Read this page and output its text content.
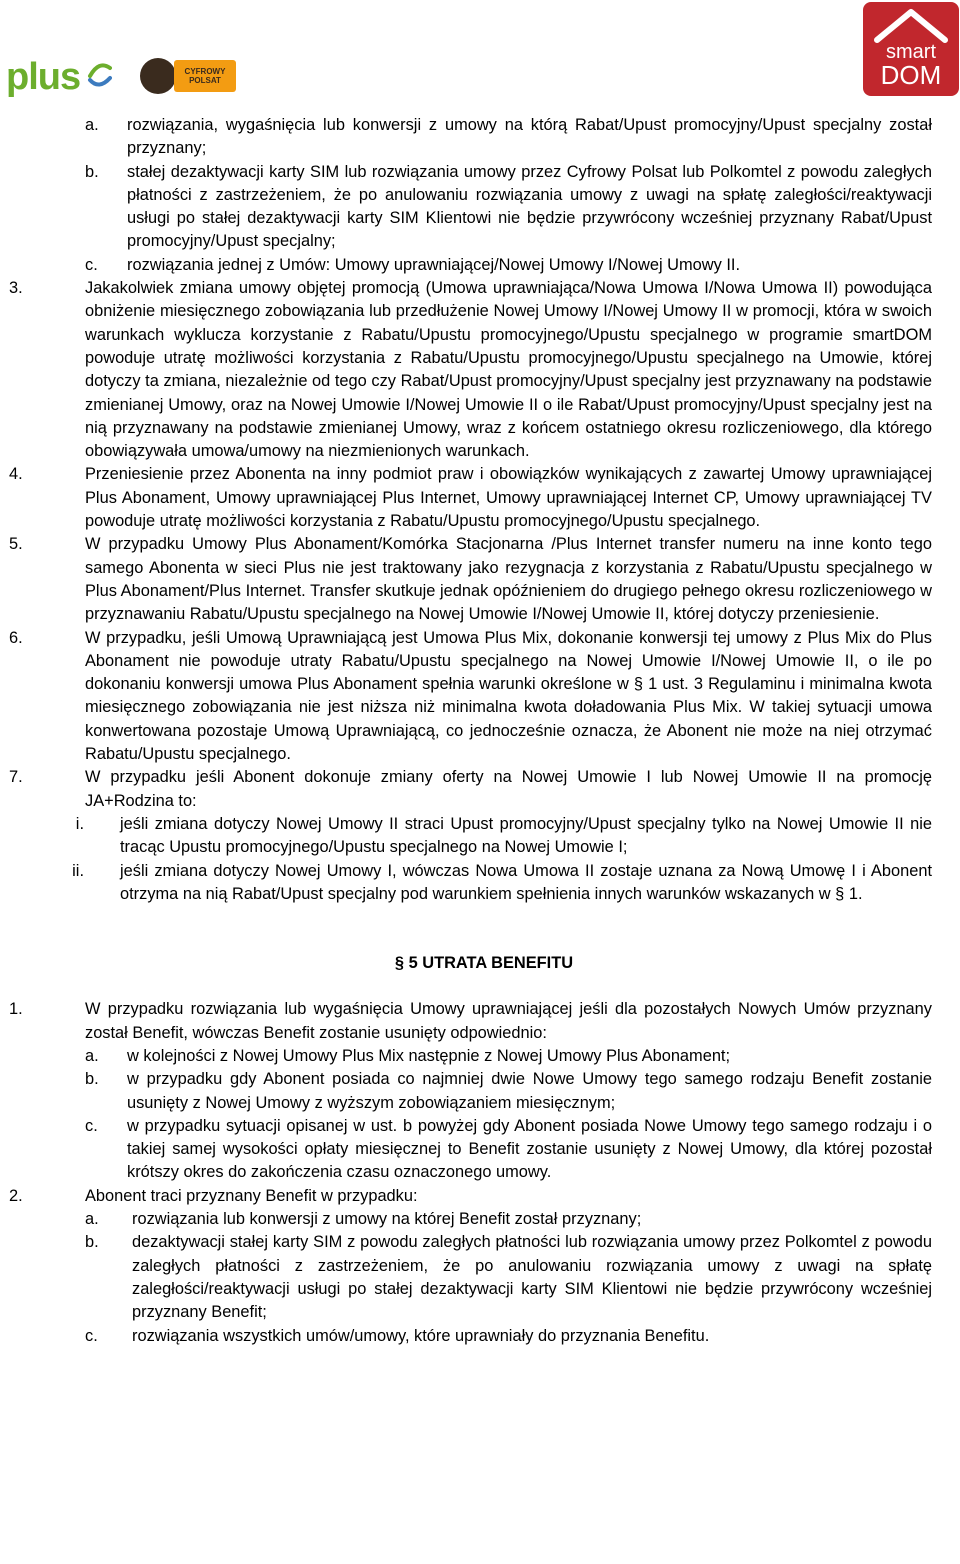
plus	CYFROWY
POLSAT
smart
DOM
a. rozwiązania, wygaśnięcia lub konwersji z umowy na którą Rabat/Upust promocyjny/Upust specjalny został przyznany;
b. stałej dezaktywacji karty SIM lub rozwiązania umowy przez Cyfrowy Polsat lub Polkomtel z powodu zaległych płatności z zastrzeżeniem, że po anulowaniu rozwiązania umowy z uwagi na spłatę zaległości/reaktywacji usługi po stałej dezaktywacji karty SIM Klientowi nie będzie przywrócony wcześniej przyznany Rabat/Upust promocyjny/Upust specjalny;
c. rozwiązania jednej z Umów: Umowy uprawniającej/Nowej Umowy I/Nowej Umowy II.
3.	Jakakolwiek zmiana umowy objętej promocją (Umowa uprawniająca/Nowa Umowa I/Nowa Umowa II) powodująca obniżenie miesięcznego zobowiązania lub przedłużenie Nowej Umowy I/Nowej Umowy II w promocji, która w swoich warunkach wyklucza korzystanie z Rabatu/Upustu promocyjnego/Upustu specjalnego w programie smartDOM powoduje utratę możliwości korzystania z Rabatu/Upustu promocyjnego/Upustu specjalnego na Umowie, której dotyczy ta zmiana, niezależnie od tego czy Rabat/Upust promocyjny/Upust specjalny jest przyznawany na podstawie zmienianej Umowy, oraz na Nowej Umowie I/Nowej Umowie II o ile Rabat/Upust promocyjny/Upust specjalny jest na nią przyznawany na podstawie zmienianej Umowy, wraz z końcem ostatniego okresu rozliczeniowego, dla którego obowiązywała umowa/umowy na niezmienionych warunkach.
4.	Przeniesienie przez Abonenta na inny podmiot praw i obowiązków wynikających z zawartej Umowy uprawniającej Plus Abonament, Umowy uprawniającej Plus Internet, Umowy uprawniającej Internet CP, Umowy uprawniającej TV powoduje utratę możliwości korzystania z Rabatu/Upustu promocyjnego/Upustu specjalnego.
5.	W przypadku Umowy Plus Abonament/Komórka Stacjonarna /Plus Internet transfer numeru na inne konto tego samego Abonenta w sieci Plus nie jest traktowany jako rezygnacja z korzystania z Rabatu/Upustu specjalnego w Plus Abonament/Plus Internet. Transfer skutkuje jednak opóźnieniem do drugiego pełnego okresu rozliczeniowego w przyznawaniu Rabatu/Upustu specjalnego na Nowej Umowie I/Nowej Umowie II, której dotyczy przeniesienie.
6.	W przypadku, jeśli Umową Uprawniającą jest Umowa Plus Mix, dokonanie konwersji tej umowy z Plus Mix do Plus Abonament nie powoduje utraty Rabatu/Upustu specjalnego na Nowej Umowie I/Nowej Umowie II, o ile po dokonaniu konwersji umowa Plus Abonament spełnia warunki określone w § 1 ust. 3 Regulaminu i minimalna kwota miesięcznego zobowiązania nie jest niższa niż minimalna kwota doładowania Plus Mix. W takiej sytuacji umowa konwertowana pozostaje Umową Uprawniającą, co jednocześnie oznacza, że Abonent nie może na niej otrzymać Rabatu/Upustu specjalnego.
7.	W przypadku jeśli Abonent dokonuje zmiany oferty na Nowej Umowie I lub Nowej Umowie II na promocję JA+Rodzina to:
i. jeśli zmiana dotyczy Nowej Umowy II straci Upust promocyjny/Upust specjalny tylko na Nowej Umowie II nie tracąc Upustu promocyjnego/Upustu specjalnego na Nowej Umowie I;
ii. jeśli zmiana dotyczy Nowej Umowy I, wówczas Nowa Umowa II zostaje uznana za Nową Umowę I i Abonent otrzyma na nią Rabat/Upust specjalny pod warunkiem spełnienia innych warunków wskazanych w § 1.
§ 5 UTRATA BENEFITU
1.	W przypadku rozwiązania lub wygaśnięcia Umowy uprawniającej jeśli dla pozostałych Nowych Umów przyznany został Benefit, wówczas Benefit zostanie usunięty odpowiednio:
a. w kolejności z Nowej Umowy Plus Mix następnie z Nowej Umowy Plus Abonament;
b. w przypadku gdy Abonent posiada co najmniej dwie Nowe Umowy tego samego rodzaju Benefit zostanie usunięty z Nowej Umowy z wyższym zobowiązaniem miesięcznym;
c. w przypadku sytuacji opisanej w ust. b powyżej gdy Abonent posiada Nowe Umowy tego samego rodzaju i o takiej samej wysokości opłaty miesięcznej to Benefit zostanie usunięty z Nowej Umowy, dla której pozostał krótszy okres do zakończenia czasu oznaczonego umowy.
2.	Abonent traci przyznany Benefit w przypadku:
a. rozwiązania lub konwersji z umowy na której Benefit został przyznany;
b. dezaktywacji stałej karty SIM z powodu zaległych płatności lub rozwiązania umowy przez Polkomtel z powodu zaległych płatności z zastrzeżeniem, że po anulowaniu rozwiązania umowy z uwagi na spłatę zaległości/reaktywacji usługi po stałej dezaktywacji karty SIM Klientowi nie będzie przywrócony wcześniej przyznany Benefit;
c. rozwiązania wszystkich umów/umowy, które uprawniały do przyznania Benefitu.
